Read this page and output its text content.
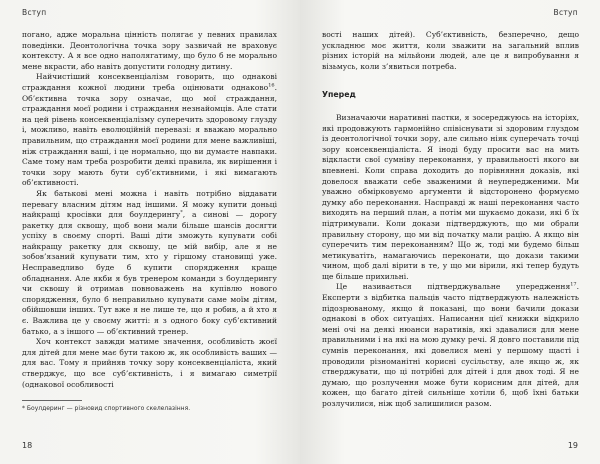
Вступ

погано, адже моральна цінність полягає у певних правилах поведінки. Деонтологічна точка зору зазвичай не враховує контексту. А я все одно наполягатиму, що було б не морально мене вкрасти, або навіть допустити голодну дитину.

Найчистіший консеквенціалізм говорить, що однакові страждання кожної людини треба оцінювати однаково$^{16}$. Об’єктивна точка зору означає, що мої страждання, страждання моєї родини і страждання незнайомців. Але стати на цей рівень консеквенціалізму суперечить здоровому глузду і, можливо, навіть еволюційній перевазі: я вважаю морально правильним, що страждання моєї родини для мене важливіші, ніж страждання ваші, і це нормально, що ви думаєте навпаки. Саме тому нам треба розробити деякі правила, як вирішення і точки зору мають бути суб’єктивними, і які вимагають об’єктивності.

Як батькові мені можна і навіть потрібно віддавати перевагу власним дітям над іншими. Я можу купити доньці найкращі кросівки для боулдерингу*, а синові — дорогу ракетку для сквошу, щоб вони мали більше шансів досягти успіху в своєму спорті. Ваші діти зможуть купувати собі найкращу ракетку для сквошу, це мій вибір, але я не зобов’язаний купувати тим, хто у гіршому становищі уже. Несправедливо буде б купити спорядження краще обладнання. Але якби я був тренером команди з боулдерингу чи сквошу й отримав повноважень на купівлю нового спорядження, було б неправильно купувати саме моїм дітям, обійшовши інших. Тут вже я не лише те, що я робив, а й хто я є. Важлива це у своєму житті: я з одного боку суб’єктивний батько, а з іншого — об’єктивний тренер.

Хоч контекст завжди матиме значення, особливість жоєї для дітей для мене має бути такою ж, як особливість ваших — для вас. Тому я прийняв точку зору консеквенціаліста, який стверджує, що все суб’єктивність, і я вимагаю симетрії (однакової особливості

* Боулдеринг — різновид спортивного скелелазіння.
18
Вступ

вості наших дітей). Суб’єктивність, безперечно, дещо ускладнює моє життя, коли зважити на загальний вплив різних історій на мільйони людей, але це я випробування я візьмусь, коли з’явиться потреба.

Упеpeд

Визначаючи наративні пастки, я зосереджуюсь на історіях, які продовжують гармонійно співіснувати зі здоровим глуздом із деонтологічної точки зору, але сильно ніяк суперечать точці зору консеквенціаліста. Я іноді буду просити вас на мить відкласти свої сумніву переконання, у правильності якого ви впевнені. Коли справа доходить до порівняння доказів, які довелося вважати себе зваженими й неупередженими. Ми уважно обмірковуємо аргументи й відсторонено формуємо думку або переконання. Насправді ж наші переконання часто виходять на перший план, а потім ми шукаємо докази, які б їх підтримували. Коли докази підтверджують, що ми обрали правильну сторону, що ми від початку мали рацію. А якщо він суперечить тим переконанням? Що ж, тоді ми будемо більш метикуватіть, намагаючись переконати, що докази такими чином, щоб далі вірити в те, у що ми вірили, які тепер будуть ще більше прихильні.

Це називається підтверджувальне упередження$^{17}$. Експерти з відбитка пальців часто підтверджують належність підозрюваному, якщо й показані, що вони бачили докази однакові в обох ситуаціях. Написання цієї книжки відкрило мені очі на деякі нюанси наративів, які здавалися для мене правильними і на які на мою думку речі. Я довго поставили під сумнів переконання, які довелися мені у першому щасті і проводили різноманітні корисні сусільству, але якщо ж, як стверджувати, що ці потрібні для дітей і для двох тоді. Я не думаю, що розлучення може бути корисним для дітей, для кожен, що багато дітей сильніше хотіли б, щоб їхні батьки розлучилися, ніж щоб залишилися разом.

19
